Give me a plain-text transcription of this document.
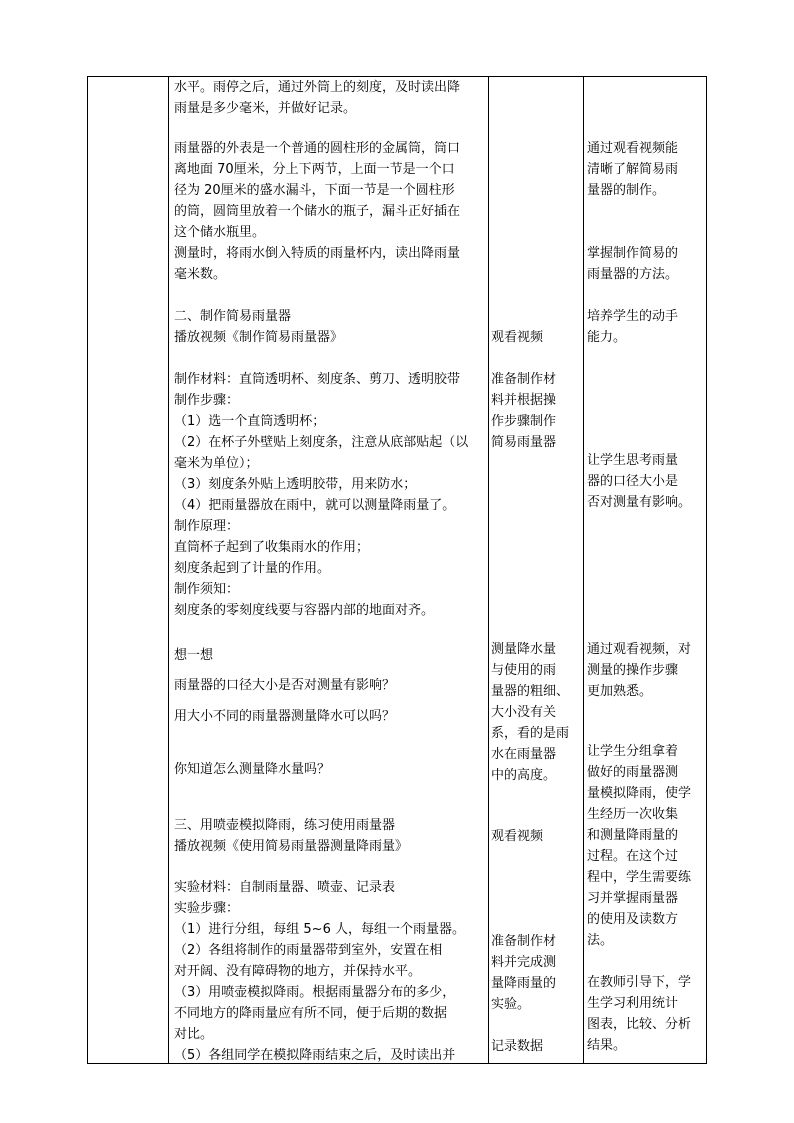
水平。雨停之后，通过外筒上的刻度，及时读出降

雨量是多少毫米，并做好记录。

雨量器的外表是一个普通的圆柱形的金属筒，筒口

离地面 70厘米，分上下两节，上面一节是一个口

径为 20厘米的盛水漏斗，下面一节是一个圆柱形

的筒，圆筒里放着一个储水的瓶子，漏斗正好插在

这个储水瓶里。

测量时，将雨水倒入特质的雨量杯内，读出降雨量

毫米数。

二、制作简易雨量器

播放视频《制作简易雨量器》

制作材料：直筒透明杯、刻度条、剪刀、透明胶带

制作步骤：

（1）选一个直筒透明杯；

（2）在杯子外壁贴上刻度条，注意从底部贴起（以

毫米为单位）；

（3）刻度条外贴上透明胶带，用来防水；

（4）把雨量器放在雨中，就可以测量降雨量了。

制作原理：

直筒杯子起到了收集雨水的作用；

刻度条起到了计量的作用。

制作须知：

刻度条的零刻度线要与容器内部的地面对齐。

想一想

雨量器的口径大小是否对测量有影响？

用大小不同的雨量器测量降水可以吗？

你知道怎么测量降水量吗？

三、用喷壶模拟降雨，练习使用雨量器

播放视频《使用简易雨量器测量降雨量》

实验材料：自制雨量器、喷壶、记录表

实验步骤：

（1）进行分组，每组 5~6 人，每组一个雨量器。

（2）各组将制作的雨量器带到室外，安置在相

对开阔、没有障碍物的地方，并保持水平。

（3）用喷壶模拟降雨。根据雨量器分布的多少，

不同地方的降雨量应有所不同，便于后期的数据

对比。

（5）各组同学在模拟降雨结束之后，及时读出并

观看视频

准备制作材

料并根据操

作步骤制作

简易雨量器

测量降水量

与使用的雨

量器的粗细、

大小没有关

系，看的是雨

水在雨量器

中的高度。

观看视频

准备制作材

料并完成测

量降雨量的

实验。

记录数据

通过观看视频能

清晰了解简易雨

量器的制作。

掌握制作简易的

雨量器的方法。

培养学生的动手

能力。

让学生思考雨量

器的口径大小是

否对测量有影响。

通过观看视频，对

测量的操作步骤

更加熟悉。

让学生分组拿着

做好的雨量器测

量模拟降雨，使学

生经历一次收集

和测量降雨量的

过程。在这个过

程中，学生需要练

习并掌握雨量器

的使用及读数方

法。

在教师引导下，学

生学习利用统计

图表，比较、分析

结果。
